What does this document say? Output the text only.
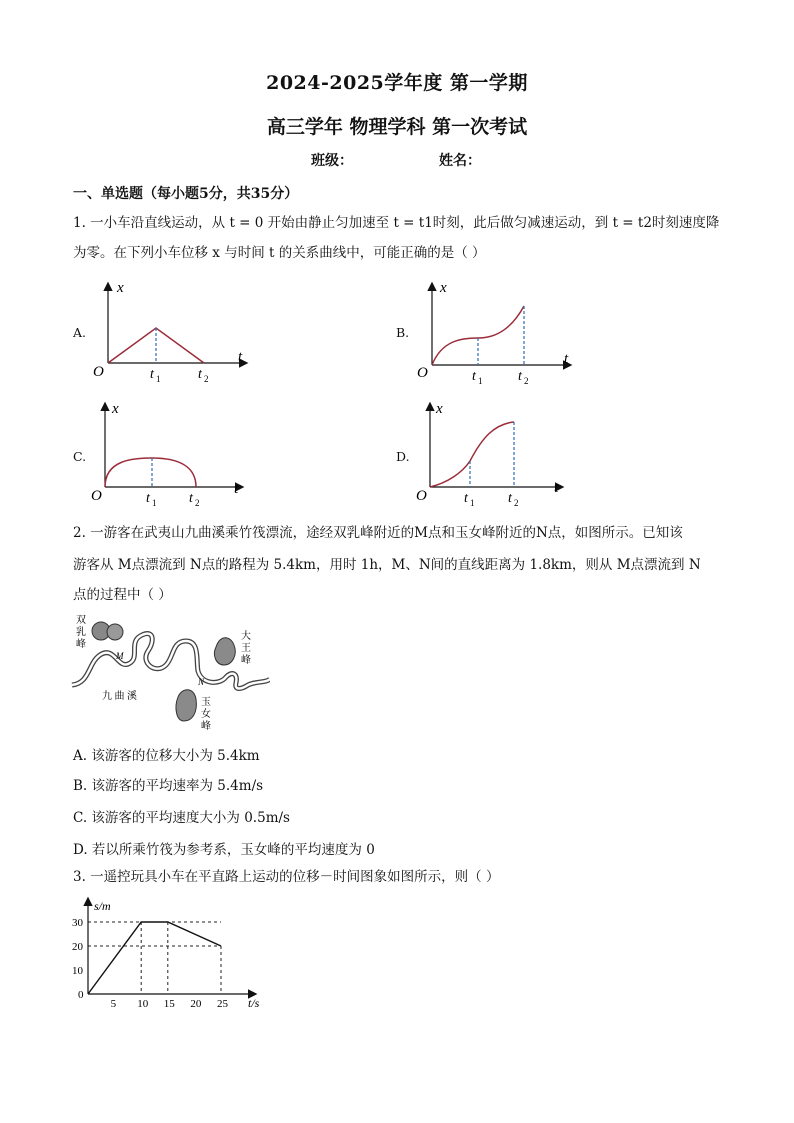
2024-2025学年度 第一学期
高三学年 物理学科 第一次考试
班级：	姓名：
一、单选题（每小题5分，共35分）
1. 一小车沿直线运动，从 t = 0 开始由静止匀加速至 t = t1时刻，此后做匀减速运动，到 t = t2时刻速度降
为零。在下列小车位移 x 与时间 t 的关系曲线中，可能正确的是（ ）
A.	B.
C.	D.
x
t
O	t 1	t 2
x
t
O	t 1	t 2
x
t
O	t 1 t 2
x
t
O	t 1 t 2
2. 一游客在武夷山九曲溪乘竹筏漂流，途经双乳峰附近的M点和玉女峰附近的N点，如图所示。已知该
游客从 M点漂流到 N点的路程为 5.4km，用时 1h，M、N间的直线距离为 1.8km，则从 M点漂流到 N
点的过程中（ ）
双
乳
峰
大
王
峰
玉
女
峰
九 曲 溪
M
N
A. 该游客的位移大小为 5.4km
B. 该游客的平均速率为 5.4m/s
C. 该游客的平均速度大小为 0.5m/s
D. 若以所乘竹筏为参考系，玉女峰的平均速度为 0
3. 一遥控玩具小车在平直路上运动的位移－时间图象如图所示，则（ ）
5 10 15 20 25
0
10
20
30
s/m
t/s
